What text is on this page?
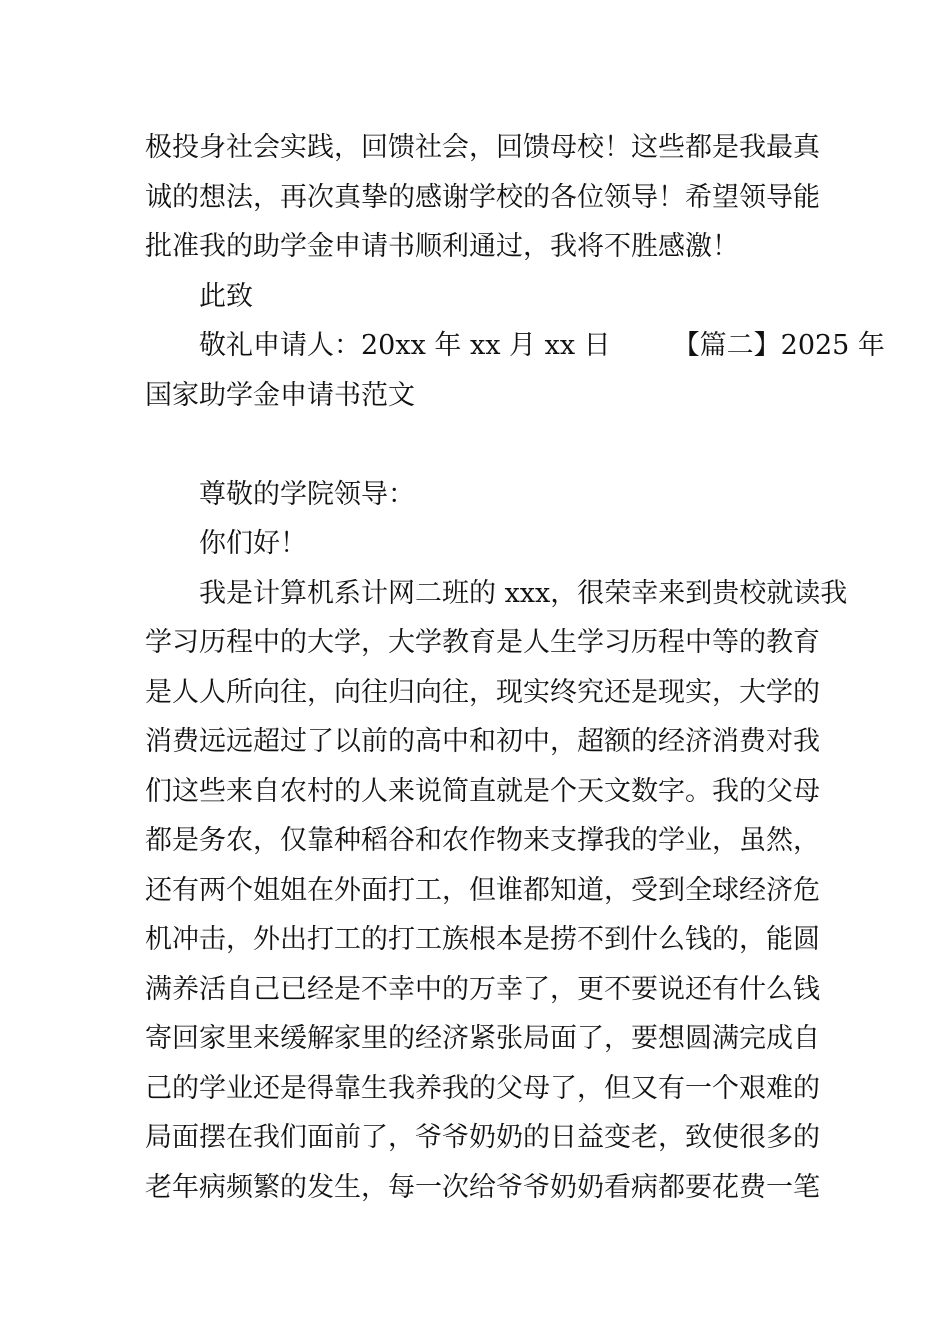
极投身社会实践，回馈社会，回馈母校！这些都是我最真
诚的想法，再次真挚的感谢学校的各位领导！希望领导能
批准我的助学金申请书顺利通过，我将不胜感激！
此致
敬礼申请人：20xx 年 xx 月 xx 日 【篇二】2025 年
国家助学金申请书范文
尊敬的学院领导：
你们好！
我是计算机系计网二班的 xxx，很荣幸来到贵校就读我
学习历程中的大学，大学教育是人生学习历程中等的教育
是人人所向往，向往归向往，现实终究还是现实，大学的
消费远远超过了以前的高中和初中，超额的经济消费对我
们这些来自农村的人来说简直就是个天文数字。我的父母
都是务农，仅靠种稻谷和农作物来支撑我的学业，虽然，
还有两个姐姐在外面打工，但谁都知道，受到全球经济危
机冲击，外出打工的打工族根本是捞不到什么钱的，能圆
满养活自己已经是不幸中的万幸了，更不要说还有什么钱
寄回家里来缓解家里的经济紧张局面了，要想圆满完成自
己的学业还是得靠生我养我的父母了，但又有一个艰难的
局面摆在我们面前了，爷爷奶奶的日益变老，致使很多的
老年病频繁的发生，每一次给爷爷奶奶看病都要花费一笔
